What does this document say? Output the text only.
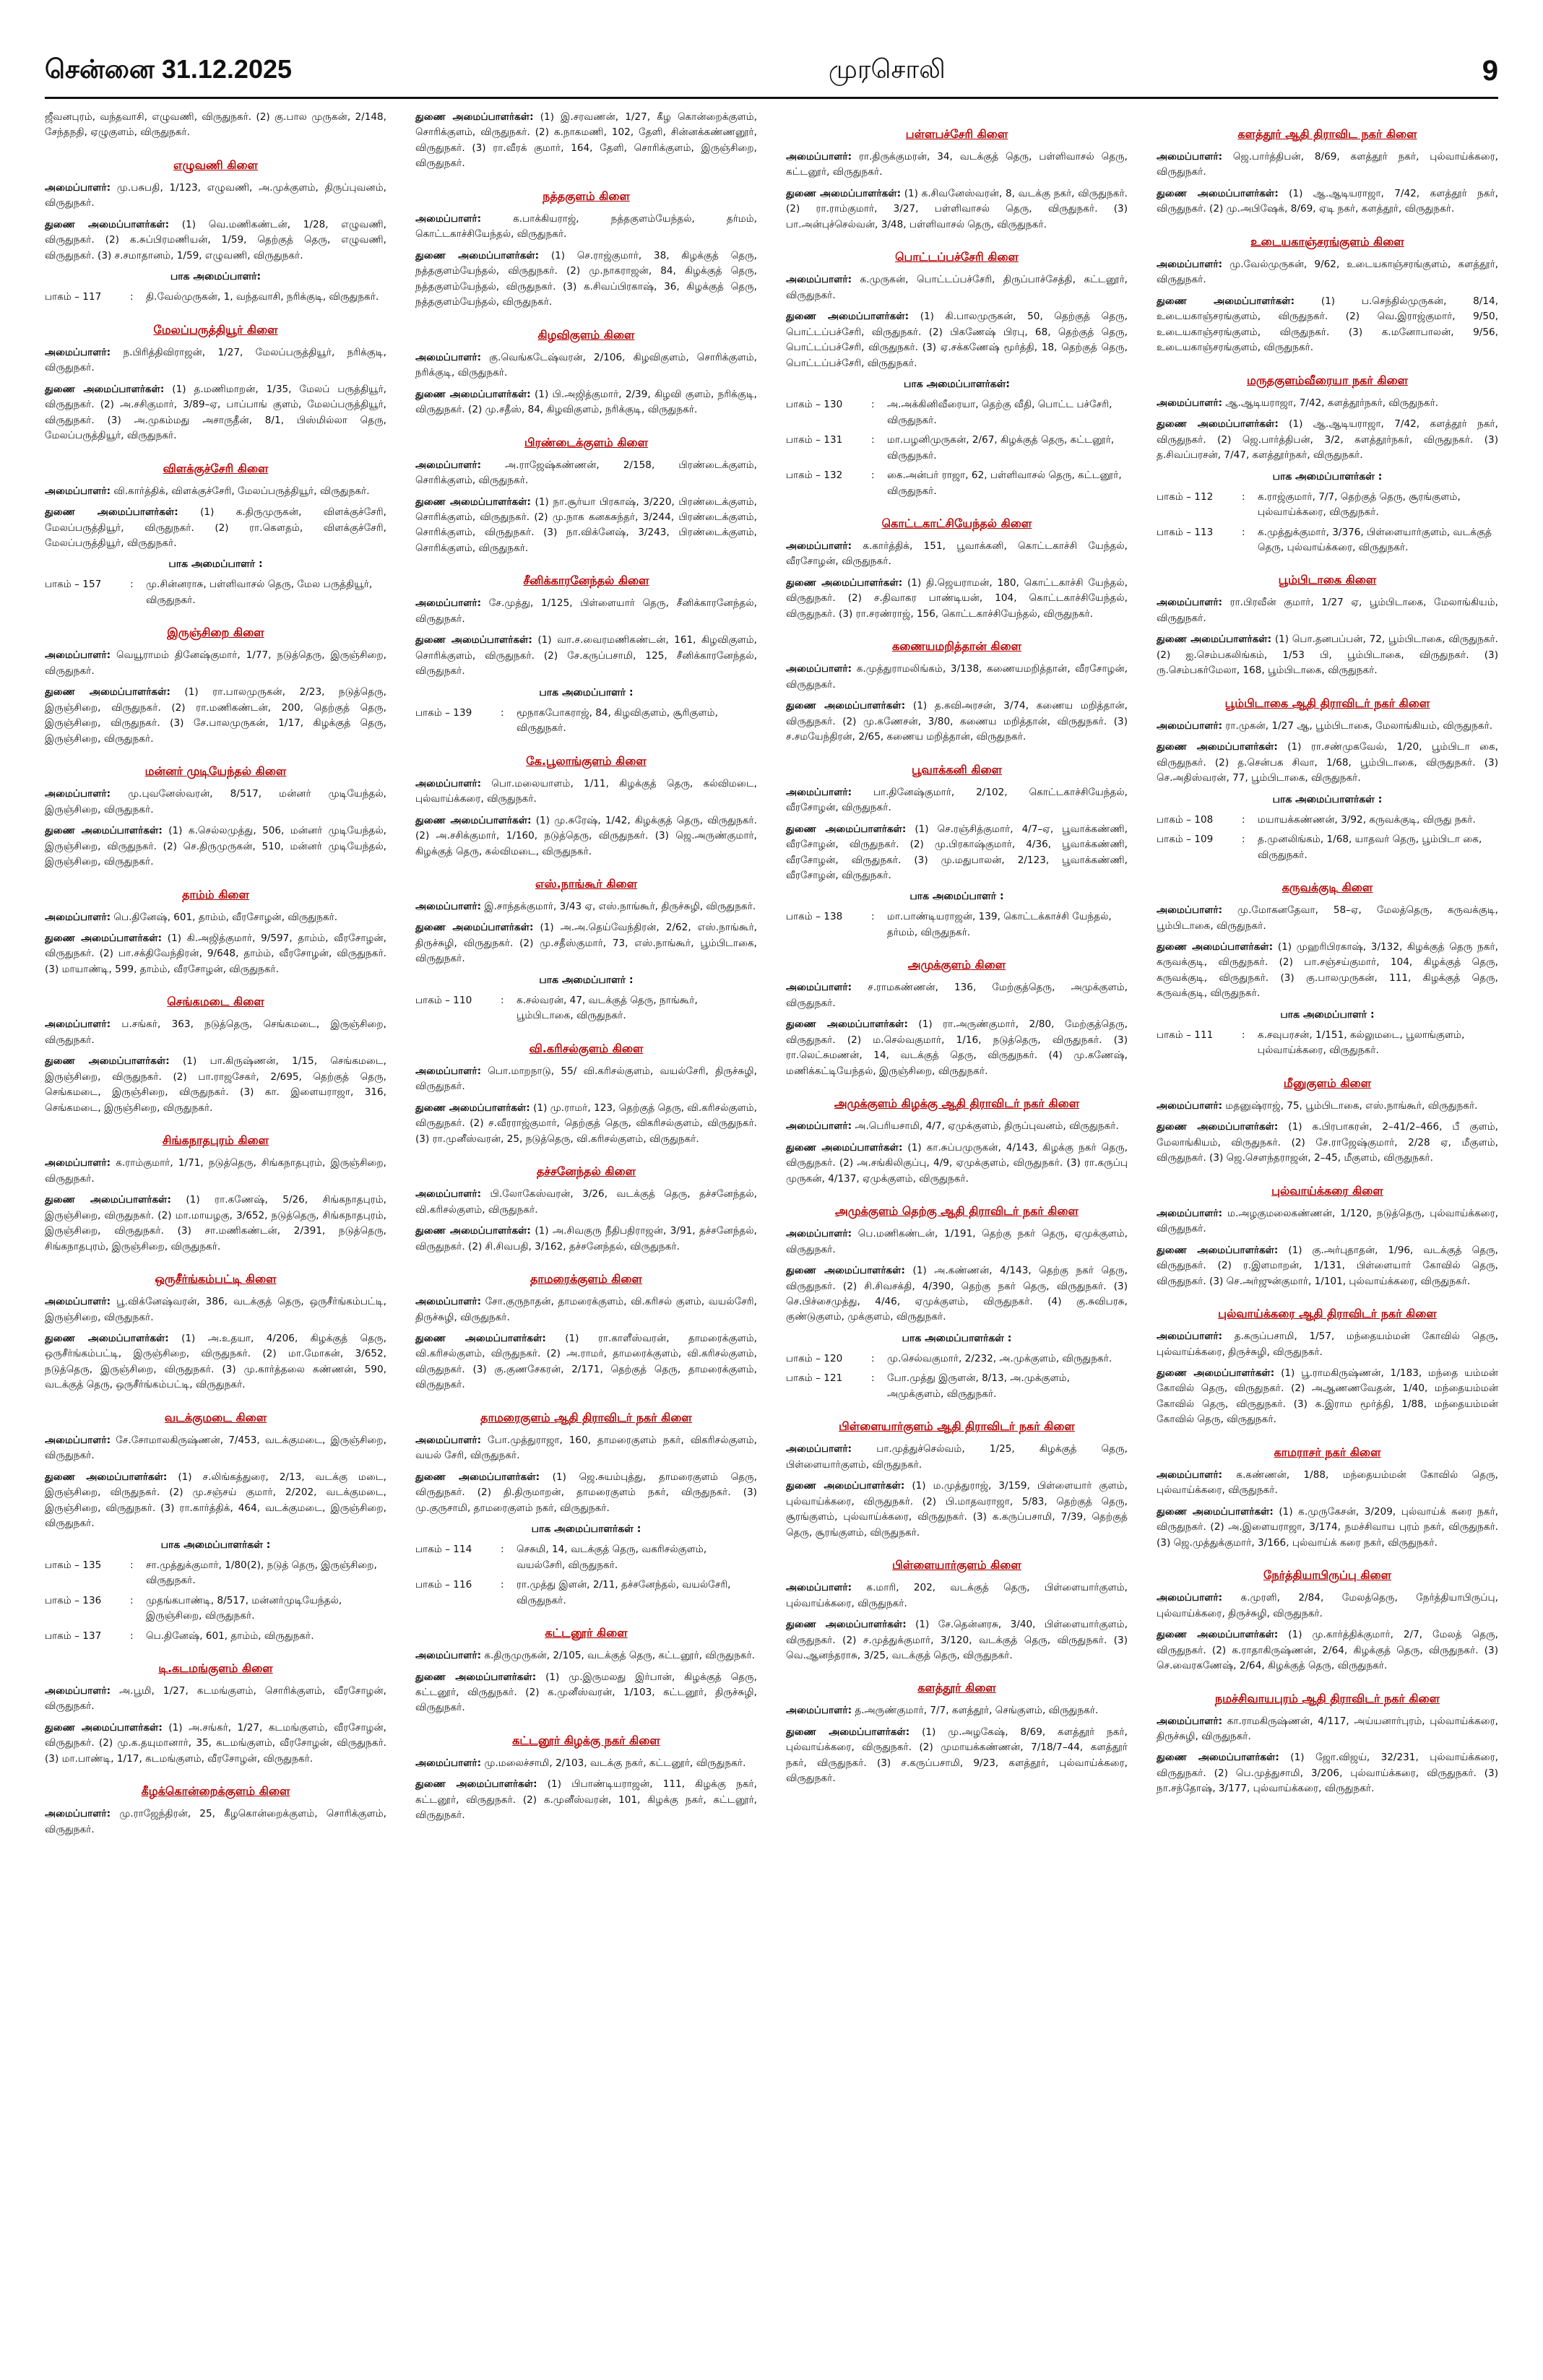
சென்னை 31.12.2025	முரசொலி	9
ஜீவனபுரம், வந்தவாசி, எழுவணி, விருதுநகர். (2) கு.பால முருகன், 2/148, சேந்தநதி, ஏழுகுளம், விருதுநகர்.
எழுவணி கிளை
அமைப்பாளர்: மு.பசுபதி, 1/123, எழுவணி, அ.முக்குளம், திருப்புவனம், விருதுநகர்.
துணை அமைப்பாளர்கள்: (1) வெ.மணிகண்டன், 1/28, எழுவணி, விருதுநகர். (2) க.சுப்பிரமணியன், 1/59, தெற்குத் தெரு, எழுவணி, விருதுநகர். (3) ச.சமாதானம், 1/59, எழுவணி, விருதுநகர்.
பாக அமைப்பாளர்:
பாகம் – 117	:	தி.வேல்முருகன், 1, வந்தவாசி, நரிக்குடி, விருதுநகர்.
மேலப்பருத்தியூர் கிளை
அமைப்பாளர்: ந.பிரித்திவிராஜன், 1/27, மேலப்பருத்தியூர், நரிக்குடி, விருதுநகர்.
துணை அமைப்பாளர்கள்: (1) த.மணிமாறன், 1/35, மேலப் பருத்தியூர், விருதுநகர். (2) அ.சசிகுமார், 3/89–ஏ, பாப்பாங் குளம், மேலப்பருத்தியூர், விருதுநகர். (3) அ.முகம்மது அசாருதீன், 8/1, பிஸ்மில்லா தெரு, மேலப்பருத்தியூர், விருதுநகர்.
விளக்குச்சேரி கிளை
அமைப்பாளர்: வி.கார்த்திக், விளக்குச்சேரி, மேலப்பருத்தியூர், விருதுநகர்.
துணை அமைப்பாளர்கள்: (1) க.திருமுருகன், விளக்குச்சேரி, மேலப்பருத்தியூர், விருதுநகர். (2) ரா.கௌதம், விளக்குச்சேரி, மேலப்பருத்தியூர், விருதுநகர்.
பாக அமைப்பாளர் :
பாகம் – 157	:	மு.சின்னராசு, பள்ளிவாசல் தெரு, மேல பருத்தியூர், விருதுநகர்.
இருஞ்சிறை கிளை
அமைப்பாளர்: வெயூராமம் தினேஷ்குமார், 1/77, நடுத்தெரு, இருஞ்சிறை, விருதுநகர்.
துணை அமைப்பாளர்கள்: (1) ரா.பாலமுருகன், 2/23, நடுத்தெரு, இருஞ்சிறை, விருதுநகர். (2) ரா.மணிகண்டன், 200, தெற்குத் தெரு, இருஞ்சிறை, விருதுநகர். (3) சே.பாலமுருகன், 1/17, கிழக்குத் தெரு, இருஞ்சிறை, விருதுநகர்.
மன்னர் முடியேந்தல் கிளை
அமைப்பாளர்: மு.புவனேஸ்வரன், 8/517, மன்னர் முடியேந்தல், இருஞ்சிறை, விருதுநகர்.
துணை அமைப்பாளர்கள்: (1) க.செல்லமுத்து, 506, மன்னர் முடியேந்தல், இருஞ்சிறை, விருதுநகர். (2) செ.திருமுருகன், 510, மன்னர் முடியேந்தல், இருஞ்சிறை, விருதுநகர்.
தாம்ம் கிளை
அமைப்பாளர்: பெ.தினேஷ், 601, தாம்ம், வீரசோழன், விருதுநகர்.
துணை அமைப்பாளர்கள்: (1) கி.அஜித்குமார், 9/597, தாம்ம், வீரசோழன், விருதுநகர். (2) பா.சக்திவேந்திரன், 9/648, தாம்ம், வீரசோழன், விருதுநகர். (3) மாயாண்டி, 599, தாம்ம், வீரசோழன், விருதுநகர்.
செங்கமடை கிளை
அமைப்பாளர்: ப.சங்கர், 363, நடுத்தெரு, செங்கமடை, இருஞ்சிறை, விருதுநகர்.
துணை அமைப்பாளர்கள்: (1) பா.கிருஷ்ணன், 1/15, செங்கமடை, இருஞ்சிறை, விருதுநகர். (2) பா.ராஜசேகர், 2/695, தெற்குத் தெரு, செங்கமடை, இருஞ்சிறை, விருதுநகர். (3) கா. இளையராஜா, 316, செங்கமடை, இருஞ்சிறை, விருதுநகர்.
சிங்கநாதபுரம் கிளை
அமைப்பாளர்: க.ராம்குமார், 1/71, நடுத்தெரு, சிங்கநாதபுரம், இருஞ்சிறை, விருதுநகர்.
துணை அமைப்பாளர்கள்: (1) ரா.கணேஷ், 5/26, சிங்கநாதபுரம், இருஞ்சிறை, விருதுநகர். (2) மா.மாயழகு, 3/652, நடுத்தெரு, சிங்கநாதபுரம், இருஞ்சிறை, விருதுநகர். (3) சா.மணிகண்டன், 2/391, நடுத்தெரு, சிங்கநாதபுரம், இருஞ்சிறை, விருதுநகர்.
ஒருசீர்ங்கம்பட்டி கிளை
அமைப்பாளர்: பூ.விக்னேஷ்வரன், 386, வடக்குத் தெரு, ஒருசீர்ங்கம்பட்டி, இருஞ்சிறை, விருதுநகர்.
துணை அமைப்பாளர்கள்: (1) அ.உதயா, 4/206, கிழக்குத் தெரு, ஒருசீர்ங்கம்பட்டி, இருஞ்சிறை, விருதுநகர். (2) மா.மோகன், 3/652, நடுத்தெரு, இருஞ்சிறை, விருதுநகர். (3) மு.கார்த்தலை கண்ணன், 590, வடக்குத் தெரு, ஒருசீர்ங்கம்பட்டி, விருதுநகர்.
வடக்குமடை கிளை
அமைப்பாளர்: சே.சோமாலகிருஷ்ணன், 7/453, வடக்குமடை, இருஞ்சிறை, விருதுநகர்.
துணை அமைப்பாளர்கள்: (1) ச.லிங்கத்துரை, 2/13, வடக்கு மடை, இருஞ்சிறை, விருதுநகர். (2) மு.சஞ்சய் குமார், 2/202, வடக்குமடை, இருஞ்சிறை, விருதுநகர். (3) ரா.கார்த்திக், 464, வடக்குமடை, இருஞ்சிறை, விருதுநகர்.
பாக அமைப்பாளர்கள் :
பாகம் – 135	:	சா.முத்துக்குமார், 1/80(2), நடுத் தெரு, இருஞ்சிறை, விருதுநகர்.
பாகம் – 136	:	முதங்கபாண்டி, 8/517, மன்னர்முடியேந்தல், இருஞ்சிறை, விருதுநகர்.
பாகம் – 137	:	பெ.தினேஷ், 601, தாம்ம், விருதுநகர்.
டி.கடமங்குளம் கிளை
அமைப்பாளர்: அ.பூமி, 1/27, கடமங்குளம், சொரிக்குளம், வீரசோழன், விருதுநகர்.
துணை அமைப்பாளர்கள்: (1) அ.சங்கர், 1/27, கடமங்குளம், வீரசோழன், விருதுநகர். (2) மு.க.தயுமானார், 35, கடமங்குளம், வீரசோழன், விருதுநகர். (3) மா.பாண்டி, 1/17, கடமங்குளம், வீரசோழன், விருதுநகர்.
கீழக்கொன்றைக்குளம் கிளை
அமைப்பாளர்: மு.ராஜேந்திரன், 25, கீழகொன்றைக்குளம், சொரிக்குளம், விருதுநகர்.
துணை அமைப்பாளர்கள்: (1) இ.சரவணன், 1/27, கீழ கொன்றைக்குளம், சொரிக்குளம், விருதுநகர். (2) க.நாகமணி, 102, தேளி, சின்னக்கண்ணனூர், விருதுநகர். (3) ரா.வீரக் குமார், 164, தேளி, சொரிக்குளம், இருஞ்சிறை, விருதுநகர்.
நத்தகுளம் கிளை
அமைப்பாளர்: க.பாக்கியராஜ், நத்தகுளம்யேந்தல், தர்மம், கொட்டகாச்சியேந்தல், விருதுநகர்.
துணை அமைப்பாளர்கள்: (1) செ.ராஜ்குமார், 38, கிழக்குத் தெரு, நத்தகுளம்யேந்தல், விருதுநகர். (2) மு.நாகராஜன், 84, கிழக்குத் தெரு, நத்தகுளம்யேந்தல், விருதுநகர். (3) க.சிவப்பிரகாஷ், 36, கிழக்குத் தெரு, நத்தகுளம்யேந்தல், விருதுநகர்.
கிழவிகுளம் கிளை
அமைப்பாளர்: கு.வெங்கடேஷ்வரன், 2/106, கிழவிகுளம், சொரிக்குளம், நரிக்குடி, விருதுநகர்.
துணை அமைப்பாளர்கள்: (1) பி.அஜித்குமார், 2/39, கிழவி குளம், நரிக்குடி, விருதுநகர். (2) மு.சதீஸ், 84, கிழவிகுளம், நரிக்குடி, விருதுநகர்.
பிரண்டைக்குளம் கிளை
அமைப்பாளர்: அ.ராஜேஷ்கண்ணன், 2/158, பிரண்டைக்குளம், சொரிக்குளம், விருதுநகர்.
துணை அமைப்பாளர்கள்: (1) நா.சூர்யா பிரகாஷ், 3/220, பிரண்டைக்குளம், சொரிக்குளம், விருதுநகர். (2) மு.நாக கனகசுந்தர், 3/244, பிரண்டைக்குளம், சொரிக்குளம், விருதுநகர். (3) நா.விக்னேஷ், 3/243, பிரண்டைக்குளம், சொரிக்குளம், விருதுநகர்.
சீனிக்காரனேந்தல் கிளை
அமைப்பாளர்: சே.முத்து, 1/125, பிள்ளையார் தெரு, சீனிக்காரனேந்தல், விருதுநகர்.
துணை அமைப்பாளர்கள்: (1) வா.ச.வைரமணிகண்டன், 161, கிழவிகுளம், சொரிக்குளம், விருதுநகர். (2) சே.கருப்பசாமி, 125, சீனிக்காரனேந்தல், விருதுநகர்.
பாக அமைப்பாளர் :
பாகம் – 139	:	மூநாகபோகராஜ், 84, கிழவிகுளம், சூரிகுளம், விருதுநகர்.
கே.பூலாங்குளம் கிளை
அமைப்பாளர்: பொ.மலையாளம், 1/11, கிழக்குத் தெரு, கல்விமடை, புல்வாய்க்கரை, விருதுநகர்.
துணை அமைப்பாளர்கள்: (1) மு.சுரேஷ், 1/42, கிழக்குத் தெரு, விருதுநகர். (2) அ.சசிக்குமார், 1/160, நடுத்தெரு, விருதுநகர். (3) ஜெ.அருண்குமார், கிழக்குத் தெரு, கல்விமடை, விருதுநகர்.
எஸ்.நாங்கூர் கிளை
அமைப்பாளர்: இ.சாந்தக்குமார், 3/43 ஏ, எஸ்.நாங்கூர், திருச்சுழி, விருதுநகர்.
துணை அமைப்பாளர்கள்: (1) அ.அ.தெய்வேந்திரன், 2/62, எஸ்.நாங்கூர், திருச்சுழி, விருதுநகர். (2) மு.சதீஸ்குமார், 73, எஸ்.நாங்கூர், பூம்பிடாகை, விருதுநகர்.
பாக அமைப்பாளர் :
பாகம் – 110	:	க.சல்வரன், 47, வடக்குத் தெரு, நாங்கூர், பூம்பிடாகை, விருதுநகர்.
வி.கரிசல்குளம் கிளை
அமைப்பாளர்: பொ.மாறநாடு, 55/ வி.கரிசல்குளம், வயல்சேரி, திருச்சுழி, விருதுநகர்.
துணை அமைப்பாளர்கள்: (1) மு.ராமர், 123, தெற்குத் தெரு, வி.கரிசல்குளம், விருதுநகர். (2) ச.வீரராஜ்குமார், தெற்குத் தெரு, விகரிசல்குளம், விருதுநகர். (3) ரா.முனீஸ்வரன், 25, நடுத்தெரு, வி.கரிசல்குளம், விருதுநகர்.
தச்சனேந்தல் கிளை
அமைப்பாளர்: பி.லோகேஸ்வரன், 3/26, வடக்குத் தெரு, தச்சனேந்தல், வி.கரிசல்குளம், விருதுநகர்.
துணை அமைப்பாளர்கள்: (1) அ.சிவகுரு நீதிபதிராஜன், 3/91, தச்சனேந்தல், விருதுநகர். (2) சி.சிவபதி, 3/162, தச்சனேந்தல், விருதுநகர்.
தாமரைக்குளம் கிளை
அமைப்பாளர்: சோ.குருநாதன், தாமரைக்குளம், வி.கரிசல் குளம், வயல்சேரி, திருச்சுழி, விருதுநகர்.
துணை அமைப்பாளர்கள்: (1) ரா.காளீஸ்வரன், தாமரைக்குளம், வி.கரிசல்குளம், விருதுநகர். (2) அ.ராமர், தாமரைக்குளம், வி.கரிசல்குளம், விருதுநகர். (3) கு.குணசேகரன், 2/171, தெற்குத் தெரு, தாமரைக்குளம், விருதுநகர்.
தாமரைகுளம் ஆதி திராவிடர் நகர் கிளை
அமைப்பாளர்: போ.முத்துராஜா, 160, தாமரைகுளம் நகர், விகரிசல்குளம், வயல் சேரி, விருதுநகர்.
துணை அமைப்பாளர்கள்: (1) ஜெ.சுயம்புத்து, தாமரைகுளம் தெரு, விருதுநகர். (2) தி.திருமாறன், தாமரைகுளம் நகர், விருதுநகர். (3) மு.குருசாமி, தாமரைகுளம் நகர், விருதுநகர்.
பாக அமைப்பாளர்கள் :
பாகம் – 114	:	செசுமி, 14, வடக்குத் தெரு, வகரிசல்குளம், வயல்சேரி, விருதுநகர்.
பாகம் – 116	:	ரா.முத்து இளன், 2/11, தச்சனேந்தல், வயல்சேரி, விருதுநகர்.
கட்டனூர் கிளை
அமைப்பாளர்: க.திருமுருகன், 2/105, வடக்குத் தெரு, கட்டனூர், விருதுநகர்.
துணை அமைப்பாளர்கள்: (1) மு.இருமலது இர்பான், கிழக்குத் தெரு, கட்டனூர், விருதுநகர். (2) க.முனீஸ்வரன், 1/103, கட்டனூர், திருச்சுழி, விருதுநகர்.
கட்டனூர் கிழக்கு நகர் கிளை
அமைப்பாளர்: மு.மலைச்சாமி, 2/103, வடக்கு நகர், கட்டனூர், விருதுநகர்.
துணை அமைப்பாளர்கள்: (1) பிபாண்டியராஜன், 111, கிழக்கு நகர், கட்டனூர், விருதுநகர். (2) க.முனீஸ்வரன், 101, கிழக்கு நகர், கட்டனூர், விருதுநகர்.
பள்ளபச்சேரி கிளை
அமைப்பாளர்: ரா.திருக்குமரன், 34, வடக்குத் தெரு, பள்ளிவாசல் தெரு, கட்டனூர், விருதுநகர்.
துணை அமைப்பாளர்கள்: (1) க.சிவனேஸ்வரன், 8, வடக்கு நகர், விருதுநகர். (2) ரா.ராம்குமார், 3/27, பள்ளிவாசல் தெரு, விருதுநகர். (3) பா.அன்புச்செல்வன், 3/48, பள்ளிவாசல் தெரு, விருதுநகர்.
பொட்டப்பச்சேரி கிளை
அமைப்பாளர்: க.முருகன், பொட்டப்பச்சேரி, திருப்பாச்சேத்தி, கட்டனூர், விருதுநகர்.
துணை அமைப்பாளர்கள்: (1) கி.பாலமுருகன், 50, தெற்குத் தெரு, பொட்டப்பச்சேரி, விருதுநகர். (2) பிகணேஷ் பிரபு, 68, தெற்குத் தெரு, பொட்டப்பச்சேரி, விருதுநகர். (3) ஏ.சக்கணேஷ் மூர்த்தி, 18, தெற்குத் தெரு, பொட்டப்பச்சேரி, விருதுநகர்.
பாக அமைப்பாளர்கள்:
பாகம் – 130	:	அ.அக்கினிவீரையா, தெற்கு வீதி, பொட்ட பச்சேரி, விருதுநகர்.
பாகம் – 131	:	மா.பழனிமுருகன், 2/67, கிழக்குத் தெரு, கட்டனூர், விருதுநகர்.
பாகம் – 132	:	கை.அன்பர் ராஜா, 62, பள்ளிவாசல் தெரு, கட்டனூர், விருதுநகர்.
கொட்டகாட்சியேந்தல் கிளை
அமைப்பாளர்: க.கார்த்திக், 151, பூவாக்கனி, கொட்டகாச்சி யேந்தல், வீரசோழன், விருதுநகர்.
துணை அமைப்பாளர்கள்: (1) தி.ஜெயராமன், 180, கொட்டகாச்சி யேந்தல், விருதுநகர். (2) ச.திவாகர பாண்டியன், 104, கொட்டகாச்சியேந்தல், விருதுநகர். (3) ரா.சரண்ராஜ், 156, கொட்டகாச்சியேந்தல், விருதுநகர்.
கணையமறித்தான் கிளை
அமைப்பாளர்: க.முத்துராமலிங்கம், 3/138, கணையமறித்தான், வீரசோழன், விருதுநகர்.
துணை அமைப்பாளர்கள்: (1) த.கவிஅரசன், 3/74, கணைய மறித்தான், விருதுநகர். (2) மு.கணேசன், 3/80, கணைய மறித்தான், விருதுநகர். (3) ச.சமயேந்திரன், 2/65, கணைய மறித்தான், விருதுநகர்.
பூவாக்கனி கிளை
அமைப்பாளர்: பா.தினேஷ்குமார், 2/102, கொட்டகாச்சியேந்தல், வீரசோழன், விருதுநகர்.
துணை அமைப்பாளர்கள்: (1) செ.ரஞ்சித்குமார், 4/7–ஏ, பூவாக்கண்ணி, வீரசோழன், விருதுநகர். (2) மு.பிரகாஷ்குமார், 4/36, பூவாக்கண்ணி, வீரசோழன், விருதுநகர். (3) மு.மதுபாலன், 2/123, பூவாக்கண்ணி, வீரசோழன், விருதுநகர்.
பாக அமைப்பாளர் :
பாகம் – 138	:	மா.பாண்டியராஜன், 139, கொட்டக்காச்சி யேந்தல், தர்மம், விருதுநகர்.
அமுக்குளம் கிளை
அமைப்பாளர்: ச.ராமகண்ணன், 136, மேற்குத்தெரு, அமுக்குளம், விருதுநகர்.
துணை அமைப்பாளர்கள்: (1) ரா.அருண்குமார், 2/80, மேற்குத்தெரு, விருதுநகர். (2) ம.செல்வகுமார், 1/16, நடுத்தெரு, விருதுநகர். (3) ரா.லெட்சுமணன், 14, வடக்குத் தெரு, விருதுநகர். (4) மு.கணேஷ், மணிக்கட்டியேந்தல், இருஞ்சிறை, விருதுநகர்.
அமுக்குளம் கிழக்கு ஆதி திராவிடர் நகர் கிளை
அமைப்பாளர்: அ.பெரியசாமி, 4/7, ஏமுக்குளம், திருப்புவனம், விருதுநகர்.
துணை அமைப்பாளர்கள்: (1) கா.சுப்பமுருகன், 4/143, கிழக்கு நகர் தெரு, விருதுநகர். (2) அ.சங்கிலிகுப்பு, 4/9, ஏமுக்குளம், விருதுநகர். (3) ரா.கருப்பு முருகன், 4/137, ஏமுக்குளம், விருதுநகர்.
அமுக்குளம் தெற்கு ஆதி திராவிடர் நகர் கிளை
அமைப்பாளர்: பெ.மணிகண்டன், 1/191, தெற்கு நகர் தெரு, ஏமுக்குளம், விருதுநகர்.
துணை அமைப்பாளர்கள்: (1) அ.கண்ணன், 4/143, தெற்கு நகர் தெரு, விருதுநகர். (2) சி.சிவசக்தி, 4/390, தெற்கு நகர் தெரு, விருதுநகர். (3) செ.பிச்சைமுத்து, 4/46, ஏமுக்குளம், விருதுநகர். (4) கு.சுவிபரசு, குண்டுகுளம், முக்குளம், விருதுநகர்.
பாக அமைப்பாளர்கள் :
பாகம் – 120	:	மு.செல்வகுமார், 2/232, அ.முக்குளம், விருதுநகர்.
பாகம் – 121	:	போ.முத்து இருளன், 8/13, அ.முக்குளம், அமுக்குளம், விருதுநகர்.
பிள்ளையார்குளம் ஆதி திராவிடர் நகர் கிளை
அமைப்பாளர்: பா.முத்துச்செல்வம், 1/25, கிழக்குத் தெரு, பிள்ளையார்குளம், விருதுநகர்.
துணை அமைப்பாளர்கள்: (1) ம.முத்துராஜ், 3/159, பிள்ளையார் குளம், புல்வாய்க்கரை, விருதுநகர். (2) பி.மாதவராஜா, 5/83, தெற்குத் தெரு, சூரங்குளம், புல்வாய்க்கரை, விருதுநகர். (3) க.கருப்பசாமி, 7/39, தெற்குத் தெரு, சூரங்குளம், விருதுநகர்.
பிள்ளையார்குளம் கிளை
அமைப்பாளர்: க.மாரி, 202, வடக்குத் தெரு, பிள்ளையார்குளம், புல்வாய்க்கரை, விருதுநகர்.
துணை அமைப்பாளர்கள்: (1) சே.தென்னரசு, 3/40, பிள்ளையார்குளம், விருதுநகர். (2) ச.முத்துக்குமார், 3/120, வடக்குத் தெரு, விருதுநகர். (3) வெ.ஆனந்தராசு, 3/25, வடக்குத் தெரு, விருதுநகர்.
களத்தூர் கிளை
அமைப்பாளர்: த.அருண்குமார், 7/7, களத்தூர், செங்குளம், விருதுநகர்.
துணை அமைப்பாளர்கள்: (1) மு.அழகேஷ், 8/69, களத்தூர் நகர், புல்வாய்க்கரை, விருதுநகர். (2) முமாயக்கண்ணன், 7/18/7–44, களத்தூர் நகர், விருதுநகர். (3) ச.கருப்பசாமி, 9/23, களத்தூர், புல்வாய்க்கரை, விருதுநகர்.
களத்தூர் ஆதி திராவிட நகர் கிளை
அமைப்பாளர்: ஜெ.பார்த்திபன், 8/69, களத்தூர் நகர், புல்வாய்க்கரை, விருதுநகர்.
துணை அமைப்பாளர்கள்: (1) ஆ.ஆடியராஜா, 7/42, களத்தூர் நகர், விருதுநகர். (2) மு.அபிஷேக், 8/69, ஏடி நகர், களத்தூர், விருதுநகர்.
உடையகாஞ்சரங்குளம் கிளை
அமைப்பாளர்: மு.வேல்முருகன், 9/62, உடையகாஞ்சரங்குளம், களத்தூர், விருதுநகர்.
துணை அமைப்பாளர்கள்: (1) ப.செந்தில்முருகன், 8/14, உடையகாஞ்சரங்குளம், விருதுநகர். (2) வெ.இராஜ்குமார், 9/50, உடையகாஞ்சரங்குளம், விருதுநகர். (3) க.மனோபாலன், 9/56, உடையகாஞ்சரங்குளம், விருதுநகர்.
மருதகுளம்வீரையா நகர் கிளை
அமைப்பாளர்: ஆ.ஆடியராஜா, 7/42, களத்தூர்நகர், விருதுநகர்.
துணை அமைப்பாளர்கள்: (1) ஆ.ஆடியராஜா, 7/42, களத்தூர் நகர், விருதுநகர். (2) ஜெ.பார்த்திபன், 3/2, களத்தூர்நகர், விருதுநகர். (3) த.சிவப்பரசன், 7/47, களத்தூர்நகர், விருதுநகர்.
பாக அமைப்பாளர்கள் :
பாகம் – 112	:	க.ராஜ்குமார், 7/7, தெற்குத் தெரு, சூரங்குளம், புல்வாய்க்கரை, விருதுநகர்.
பாகம் – 113	:	க.முத்துக்குமார், 3/376, பிள்ளையார்குளம், வடக்குத் தெரு, புல்வாய்க்கரை, விருதுநகர்.
பூம்பிடாகை கிளை
அமைப்பாளர்: ரா.பிரவீன் குமார், 1/27 ஏ, பூம்பிடாகை, மேலாங்கியம், விருதுநகர்.
துணை அமைப்பாளர்கள்: (1) பொ.தனபப்பன், 72, பூம்பிடாகை, விருதுநகர். (2) ஐ.செம்பகலிங்கம், 1/53 பி, பூம்பிடாகை, விருதுநகர். (3) ரு.செம்பகர்மேலா, 168, பூம்பிடாகை, விருதுநகர்.
பூம்பிடாகை ஆதி திராவிடர் நகர் கிளை
அமைப்பாளர்: ரா.முகன், 1/27 ஆ, பூம்பிடாகை, மேலாங்கியம், விருதுநகர்.
துணை அமைப்பாளர்கள்: (1) ரா.சண்முகவேல், 1/20, பூம்பிடா கை, விருதுநகர். (2) த.சென்பக சிவா, 1/68, பூம்பிடாகை, விருதுநகர். (3) செ.அதிஸ்வரன், 77, பூம்பிடாகை, விருதுநகர்.
பாக அமைப்பாளர்கள் :
பாகம் – 108	:	மயாயக்கண்ணன், 3/92, கருவக்குடி, விருது நகர்.
பாகம் – 109	:	த.முனலிங்கம், 1/68, யாதவர் தெரு, பூம்பிடா கை, விருதுநகர்.
கருவக்குடி கிளை
அமைப்பாளர்: மு.மோகனதேவா, 58–ஏ, மேலத்தெரு, கருவக்குடி, பூம்பிடாகை, விருதுநகர்.
துணை அமைப்பாளர்கள்: (1) முஹரிபிரகாஷ், 3/132, கிழக்குத் தெரு நகர், கருவக்குடி, விருதுநகர். (2) பா.சஞ்சய்குமார், 104, கிழக்குத் தெரு, கருவக்குடி, விருதுநகர். (3) கு.பாலமுருகன், 111, கிழக்குத் தெரு, கருவக்குடி, விருதுநகர்.
பாக அமைப்பாளர் :
பாகம் – 111	:	க.சவுபரசன், 1/151, கல்லுமடை, பூலாங்குளம், புல்வாய்க்கரை, விருதுநகர்.
மீனுகுளம் கிளை
அமைப்பாளர்: மதனுஷ்ராஜ், 75, பூம்பிடாகை, எஸ்.நாங்கூர், விருதுநகர்.
துணை அமைப்பாளர்கள்: (1) க.பிரபாகரன், 2–41/2–466, பீ குளம், மேலாங்கியம், விருதுநகர். (2) சே.ராஜேஷ்குமார், 2/28 ஏ, மீகுளம், விருதுநகர். (3) ஜெ.சௌந்தராஜன், 2–45, மீகுளம், விருதுநகர்.
புல்வாய்க்கரை கிளை
அமைப்பாளர்: ம.அழகுமலைகண்ணன், 1/120, நடுத்தெரு, புல்வாய்க்கரை, விருதுநகர்.
துணை அமைப்பாளர்கள்: (1) கு.அர்புதாதன், 1/96, வடக்குத் தெரு, விருதுநகர். (2) ர.இளமாறன், 1/131, பிள்ளையார் கோவில் தெரு, விருதுநகர். (3) செ.அர்ஜுன்குமார், 1/101, புல்வாய்க்கரை, விருதுநகர்.
புல்வாய்க்கரை ஆதி திராவிடர் நகர் கிளை
அமைப்பாளர்: த.கருப்பசாமி, 1/57, மந்தையம்மன் கோவில் தெரு, புல்வாய்க்கரை, திருச்சுழி, விருதுநகர்.
துணை அமைப்பாளர்கள்: (1) பூ.ராமகிருஷ்ணன், 1/183, மந்தை யம்மன் கோவில் தெரு, விருதுநகர். (2) அஆணணவேதன், 1/40, மந்தையம்மன் கோவில் தெரு, விருதுநகர். (3) க.இராம மூர்த்தி, 1/88, மந்தையம்மன் கோவில் தெரு, விருதுநகர்.
காமராசர் நகர் கிளை
அமைப்பாளர்: க.கண்ணன், 1/88, மந்தையம்மன் கோவில் தெரு, புல்வாய்க்கரை, விருதுநகர்.
துணை அமைப்பாளர்கள்: (1) க.முருகேசன், 3/209, புல்வாய்க் கரை நகர், விருதுநகர். (2) அ.இளையராஜா, 3/174, நமச்சிவாய புரம் நகர், விருதுநகர். (3) ஜெ.முத்துக்குமார், 3/166, புல்வாய்க் கரை நகர், விருதுநகர்.
நேர்த்தியாபிருப்பு கிளை
அமைப்பாளர்: க.முரளி, 2/84, மேலத்தெரு, நேர்த்தியாபிருப்பு, புல்வாய்க்கரை, திருச்சுழி, விருதுநகர்.
துணை அமைப்பாளர்கள்: (1) மு.கார்த்திக்குமார், 2/7, மேலத் தெரு, விருதுநகர். (2) க.ராதாகிருஷ்ணன், 2/64, கிழக்குத் தெரு, விருதுநகர். (3) செ.வைரகணேஷ், 2/64, கிழக்குத் தெரு, விருதுநகர்.
நமச்சிவாயபுரம் ஆதி திராவிடர் நகர் கிளை
அமைப்பாளர்: கா.ராமகிருஷ்ணன், 4/117, அய்யனார்புரம், புல்வாய்க்கரை, திருச்சுழி, விருதுநகர்.
துணை அமைப்பாளர்கள்: (1) ஜோ.விஜய், 32/231, புல்வாய்க்கரை, விருதுநகர். (2) பெ.முத்துசாமி, 3/206, புல்வாய்க்கரை, விருதுநகர். (3) நா.சந்தோஷ், 3/177, புல்வாய்க்கரை, விருதுநகர்.
